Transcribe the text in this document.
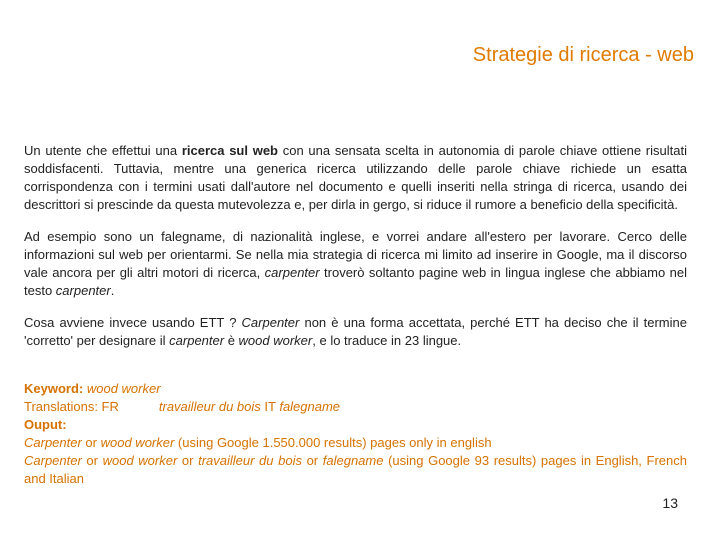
Strategie di ricerca - web

Un utente che effettui una ricerca sul web con una sensata scelta in autonomia di parole chiave ottiene risultati soddisfacenti. Tuttavia, mentre una generica ricerca utilizzando delle parole chiave richiede un esatta corrispondenza con i termini usati dall'autore nel documento e quelli inseriti nella stringa di ricerca, usando dei descrittori si prescinde da questa mutevolezza e, per dirla in gergo, si riduce il rumore a beneficio della specificità.

Ad esempio sono un falegname, di nazionalità inglese, e vorrei andare all'estero per lavorare. Cerco delle informazioni sul web per orientarmi. Se nella mia strategia di ricerca mi limito ad inserire in Google, ma il discorso vale ancora per gli altri motori di ricerca, carpenter troverò soltanto pagine web in lingua inglese che abbiamo nel testo carpenter.

Cosa avviene invece usando ETT ? Carpenter non è una forma accettata, perché ETT ha deciso che il termine 'corretto' per designare il carpenter è wood worker, e lo traduce in 23 lingue.

Keyword: wood worker
Translations: FR	travailleur du bois IT falegname
Ouput:
Carpenter or wood worker (using Google 1.550.000 results) pages only in english
Carpenter or wood worker or travailleur du bois or falegname (using Google 93 results) pages in English, French and Italian
13
